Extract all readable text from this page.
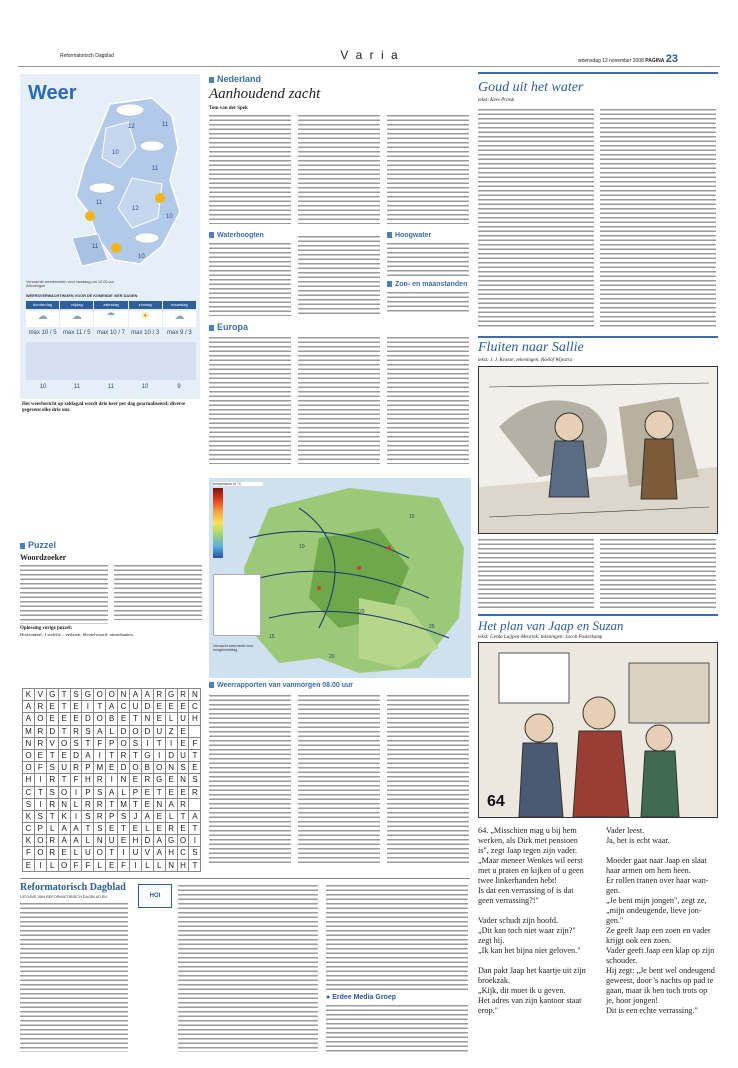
Reformatorisch Dagblad	V a r i a	woensdag 12 november 2008 PAGINA 23
Weer
12	11
10
11
11
12
10
11
10
Verwachte weerbeelden voor vandaag om 12.00 uur Afkortingen
WEERSVERWACHTINGEN VOOR DE KOMENDE VIER DAGEN
donderdag	vrijdag	zaterdag	zondag	maandag
☁	☁	☂	☀	☁
max 10 / 5	max 11 / 5	max 10 / 7	max 10 / 3	max 9 / 3
10	11	11	10	9
Het weerbericht op zeldag.nl wordt drie keer per dag geactualiseerd; diverse gegevens elke drie uur.
Nederland
Aanhoudend zacht
Tom van der Spek
Waterhoogten	Hoogwater
Zon- en maanstanden
Europa
Puzzel
Woordzoeker
Oplossing vorige puzzel:
Horizontaal: 1 stelefie – verlaten; Sleutelwoord: uitsenbanten.
K V G T S G O O N A A R G R N
A R E T E	I	T A C U D E E E C
A O E E E D O B E T N E L U H
M R D T R S A L D O D U Z E
N R V O S T F P O S	I	T	I	E F
O E T E D A	I	T R T G I D U T
O F S U R P M E D O B O N S E
H I R T F H R I N E R G E N S
C T S O I	P S A L P E T E E R
S	I R N L R R T M T E N A R
K S T K	I	S R P S J A E L T A
C P L A A T S E T E L E R E T
K O R A A L N U E H D A G O I
F O R E L U O T	I U V A H C S
E	I	L O F F L E F	I	L L N H T
15
10
20
15
25
20
temperatuur in °C
Verwacht weerbeeld voor morgenmiddag
Weerrapporten van vanmorgen 08.00 uur
Goud uit het water
tekst: Kees Prinsk
Fluiten naar Sallie
tekst: J. J. Kroeze; tekeningen: Roelof Wijnstra
Het plan van Jaap en Suzan
tekst: Gerda Luijpen-Meurink; tekeningen: Jacob Pasterkamp
64
64. „Misschien mag u bij hem
werken, als Dirk met pensioen
is", zegt Jaap tegen zijn vader.
„Maar meneer Wenkes wil eerst
met u praten en kijken of u geen
twee linkerhanden hebt!
Is dat een verrassing of is dat
geen verrassing?!"
Vader schudt zijn hoofd.
„Dit kan toch niet waar zijn?"
zegt hij.
„Ik kan het bijna niet geloven."
Dan pakt Jaap het kaartje uit zijn
broekzak.
„Kijk, dit moet ik u geven.
Het adres van zijn kantoor staat
erop."
Vader leest.
Ja, het is echt waar.
Moeder gaat naar Jaap en slaat
haar armen om hem heen.
Er rollen tranen over haar wan-
gen.
„Je bent mijn jongen", zegt ze,
„mijn ondeugende, lieve jon-
gen."
Ze geeft Jaap een zoen en vader
krijgt ook een zoen.
Vader geeft Jaap een klap op zijn
schouder.
Hij zegt: „Je bent wel ondeugend
geweest, door 's nachts op pad te
gaan, maar ik ben toch trots op
je, hoor jongen!
Dit is een echte verrassing."
Reformatorisch Dagblad
UITGAVE VAN REFORMATORISCH DAGBLAD BV	HOI
● Erdee Media Groep
